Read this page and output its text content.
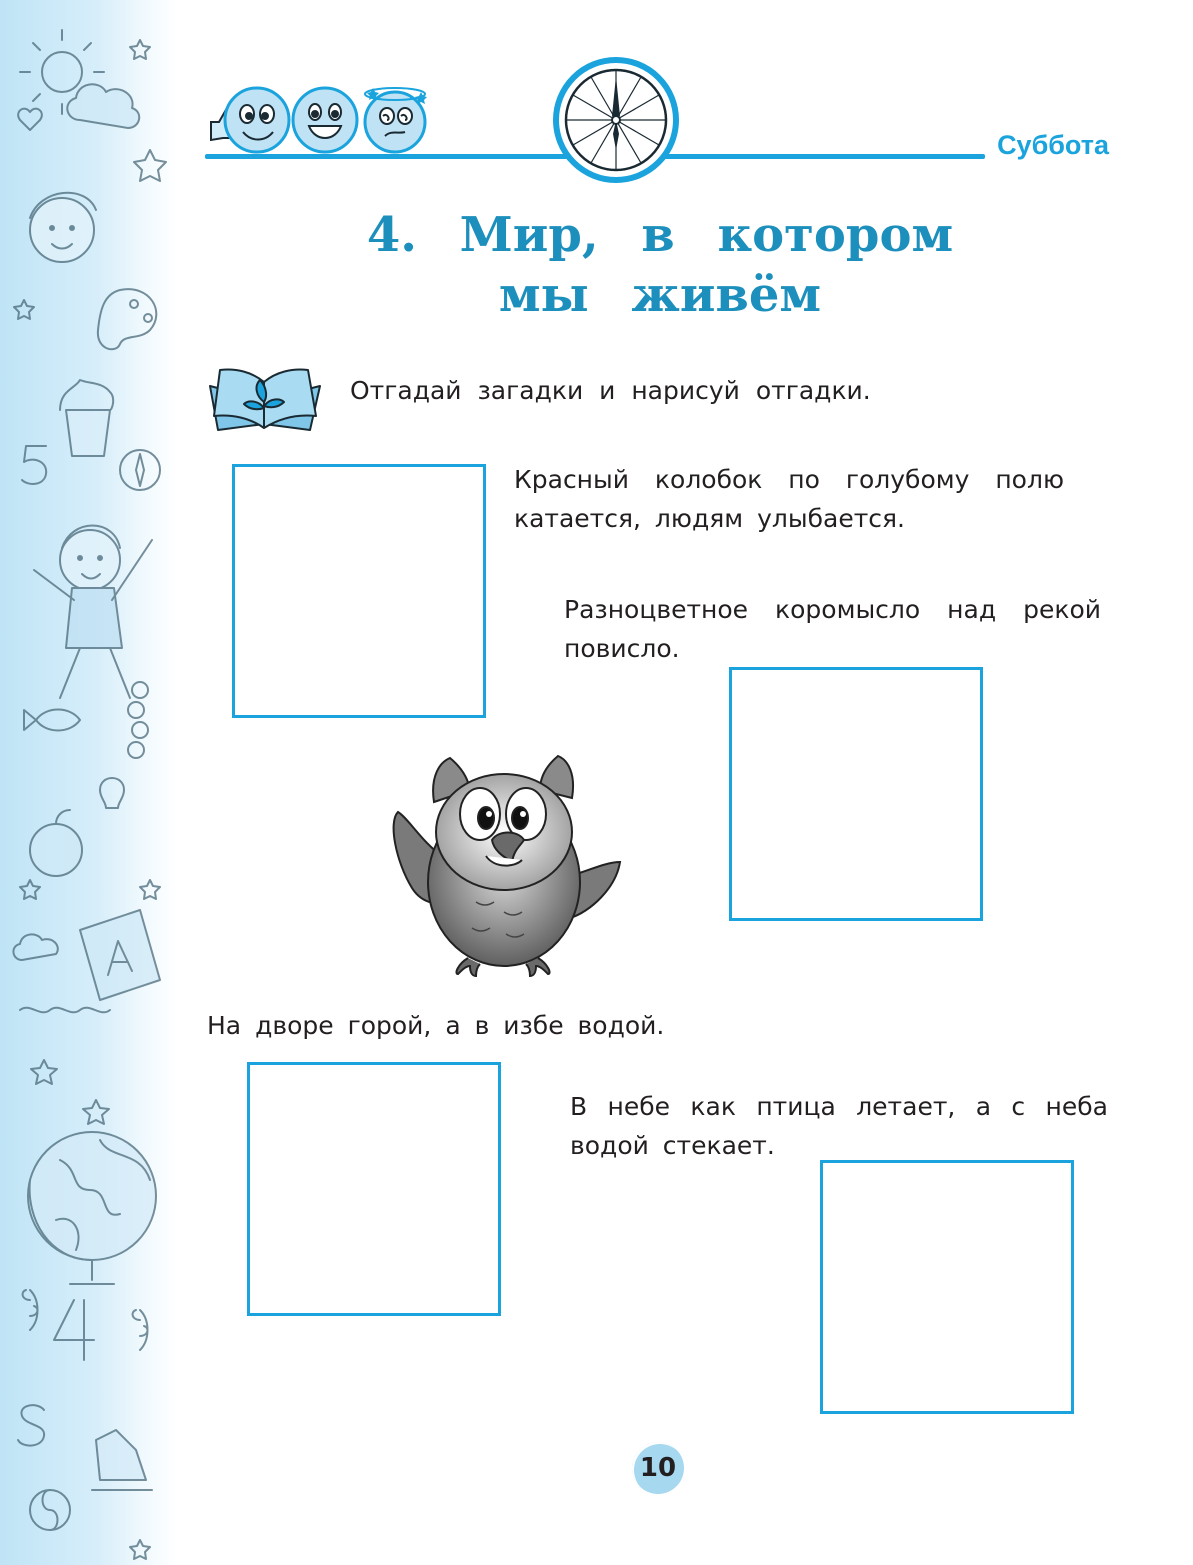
Суббота
4. Мир, в котором
мы живём
Отгадай загадки и нарисуй отгадки.
Красный колобок по голубому полю катается, людям улыбается.
Разноцветное коромысло над рекой повисло.
На дворе горой, а в избе водой.
В небе как птица летает, а с неба водой стекает.
10
